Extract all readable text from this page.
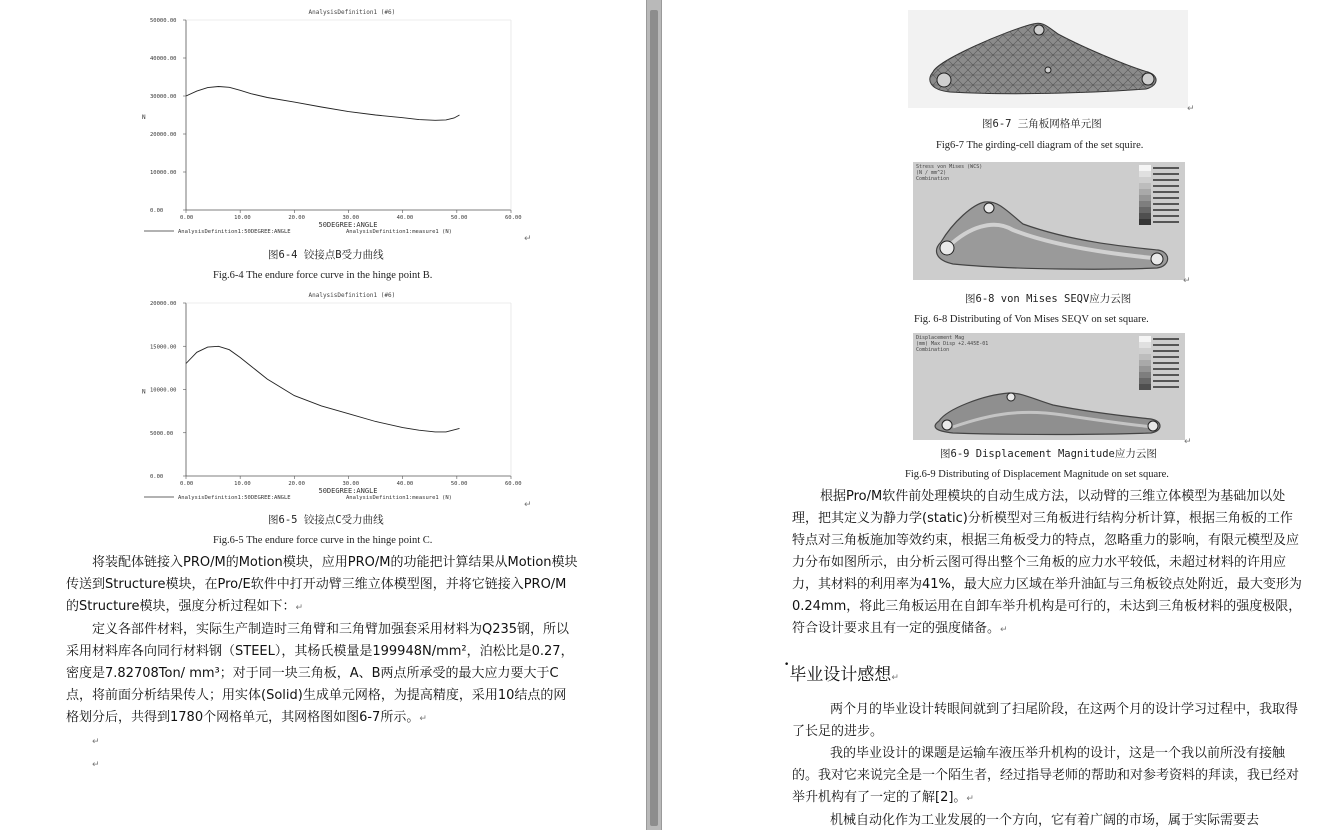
AnalysisDefinition1 (#6)
50000.00
40000.00
30000.00
20000.00
10000.00
0.00
0.00	10.00	20.00	30.00	40.00	50.00	60.00
50DEGREE:ANGLE
N
AnalysisDefinition1:50DEGREE:ANGLE	AnalysisDefinition1:measure1 (N)
↵
图6-4 铰接点B受力曲线
Fig.6-4 The endure force curve in the hinge point B.
AnalysisDefinition1 (#6)
20000.00
15000.00
10000.00
5000.00
0.00
0.00	10.00	20.00	30.00	40.00	50.00	60.00
50DEGREE:ANGLE
N
AnalysisDefinition1:50DEGREE:ANGLE	AnalysisDefinition1:measure1 (N)
↵
图6-5 铰接点C受力曲线
Fig.6-5 The endure force curve in the hinge point C.

将装配体链接入PRO/M的Motion模块，应用PRO/M的功能把计算结果从Motion模块传送到Structure模块，在Pro/E软件中打开动臂三维立体模型图，并将它链接入PRO/M的Structure模块，强度分析过程如下：↵

定义各部件材料，实际生产制造时三角臂和三角臂加强套采用材料为Q235钢，所以采用材料库各向同行材料钢（STEEL），其杨氏模量是199948N/mm²，泊松比是0.27，密度是7.82708Ton/ mm³；对于同一块三角板，A、B两点所承受的最大应力要大于C点，将前面分析结果传人；用实体(Solid)生成单元网格，为提高精度，采用10结点的网格划分后，共得到1780个网格单元，其网格图如图6-7所示。↵

↵

↵

↵
图6-7 三角板网格单元图
Fig6-7 The girding-cell diagram of the set squire.
Stress von Mises (WCS)
(N / mm^2)
Combination
↵
图6-8 von Mises SEQV应力云图
Fig. 6-8 Distributing of Von Mises SEQV on set square.
Displacement Mag
(mm) Max Disp +2.445E-01
Combination
↵
图6-9 Displacement Magnitude应力云图
Fig.6-9 Distributing of Displacement Magnitude on set square.

根据Pro/M软件前处理模块的自动生成方法，以动臂的三维立体模型为基础加以处理，把其定义为静力学(static)分析模型对三角板进行结构分析计算，根据三角板的工作特点对三角板施加等效约束，根据三角板受力的特点，忽略重力的影响，有限元模型及应力分布如图所示，由分析云图可得出整个三角板的应力水平较低，未超过材料的许用应力，其材料的利用率为41%，最大应力区域在举升油缸与三角板铰点处附近，最大变形为0.24mm，将此三角板运用在自卸车举升机构是可行的，未达到三角板材料的强度极限，符合设计要求且有一定的强度储备。↵

•毕业设计感想↵

两个月的毕业设计转眼间就到了扫尾阶段，在这两个月的设计学习过程中，我取得了长足的进步。

我的毕业设计的课题是运输车液压举升机构的设计，这是一个我以前所没有接触的。我对它来说完全是一个陌生者，经过指导老师的帮助和对参考资料的拜读，我已经对举升机构有了一定的了解[2]。↵

机械自动化作为工业发展的一个方向，它有着广阔的市场，属于实际需要去
